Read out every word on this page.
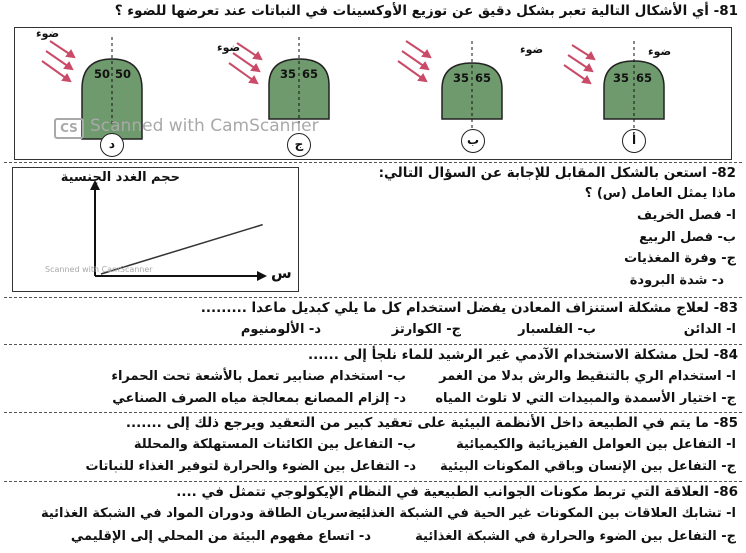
81- أي الأشكال التالية تعبر بشكل دقيق عن توزيع الأوكسينات في النباتات عند تعرضها للضوء ؟
ضوء
50 50
د
ضوء
35 65
ج
ضوء
35 65
ب
ضوء
35 65
أ
CS Scanned with CamScanner
82- استعن بالشكل المقابل للإجابة عن السؤال التالي:
ماذا يمثل العامل (س) ؟
ا- فصل الخريف
ب- فصل الربيع
ج- وفرة المغذيات
د- شدة البرودة
حجم الغدد الجنسية
س
Scanned with CamScanner
83- لعلاج مشكلة استنزاف المعادن يفضل استخدام كل ما يلي كبديل ماعدا .........
ا- الدائن
ب- الفلسبار
ج- الكوارتز
د- الألومنيوم
84- لحل مشكلة الاستخدام الآدمي غير الرشيد للماء نلجأ إلى ......
ا- استخدام الري بالتنقيط والرش بدلا من الغمر
ب- استخدام صنابير تعمل بالأشعة تحت الحمراء
ج- اختيار الأسمدة والمبيدات التي لا تلوث المياه
د- إلزام المصانع بمعالجة مياه الصرف الصناعي
85- ما يتم في الطبيعة داخل الأنظمة البيئية على تعقيد كبير من التعقيد ويرجع ذلك إلى .......
ا- التفاعل بين العوامل الفيزيائية والكيميائية
ب- التفاعل بين الكائنات المستهلكة والمحللة
ج- التفاعل بين الإنسان وباقي المكونات البيئية
د- التفاعل بين الضوء والحرارة لتوفير الغذاء للنباتات
86- العلاقة التي تربط مكونات الجوانب الطبيعية في النظام الإيكولوجي تتمثل في ....
ا- تشابك العلاقات بين المكونات غير الحية في الشبكة الغذائية
ب- سريان الطاقة ودوران المواد في الشبكة الغذائية
ج- التفاعل بين الضوء والحرارة في الشبكة الغذائية
د- اتساع مفهوم البيئة من المحلي إلى الإقليمي
